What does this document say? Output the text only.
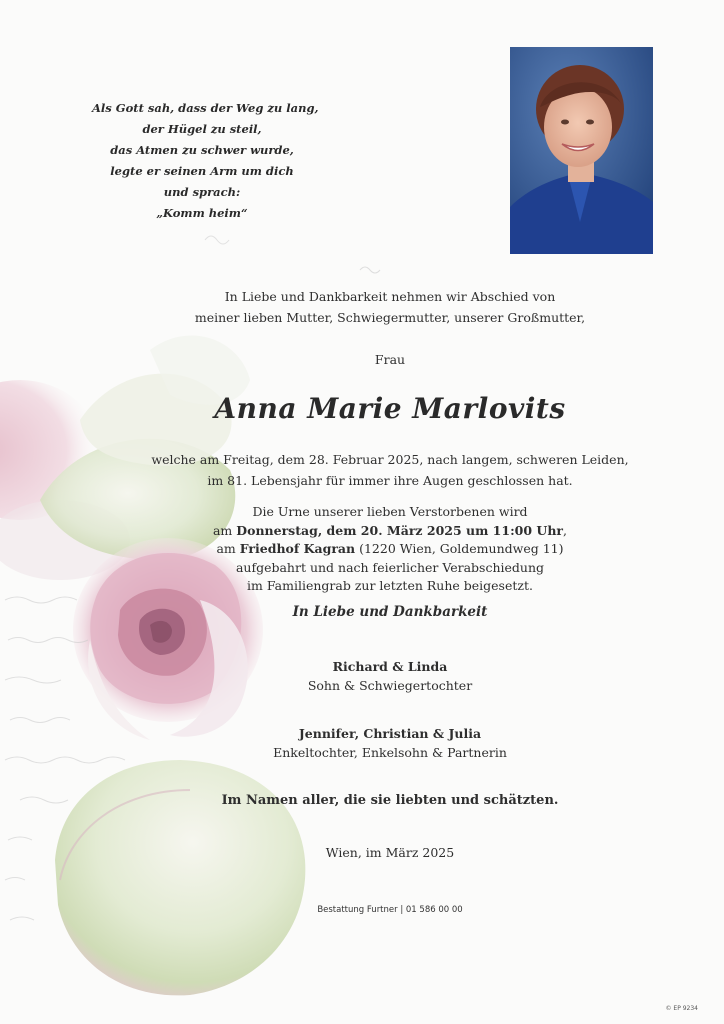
Als Gott sah, dass der Weg zu lang,
der Hügel zu steil,
das Atmen zu schwer wurde,
legte er seinen Arm um dich
und sprach:
„Komm heim“
In Liebe und Dankbarkeit nehmen wir Abschied von
meiner lieben Mutter, Schwiegermutter, unserer Großmutter,
Frau
Anna Marie Marlovits
welche am Freitag, dem 28. Februar 2025, nach langem, schweren Leiden,
im 81. Lebensjahr für immer ihre Augen geschlossen hat.
Die Urne unserer lieben Verstorbenen wird
am Donnerstag, dem 20. März 2025 um 11:00 Uhr,
am Friedhof Kagran (1220 Wien, Goldemundweg 11)
aufgebahrt und nach feierlicher Verabschiedung
im Familiengrab zur letzten Ruhe beigesetzt.
In Liebe und Dankbarkeit
Richard & Linda
Sohn & Schwiegertochter
Jennifer, Christian & Julia
Enkeltochter, Enkelsohn & Partnerin
Im Namen aller, die sie liebten und schätzten.
Wien, im März 2025
Bestattung Furtner | 01 586 00 00
© EP 9234
